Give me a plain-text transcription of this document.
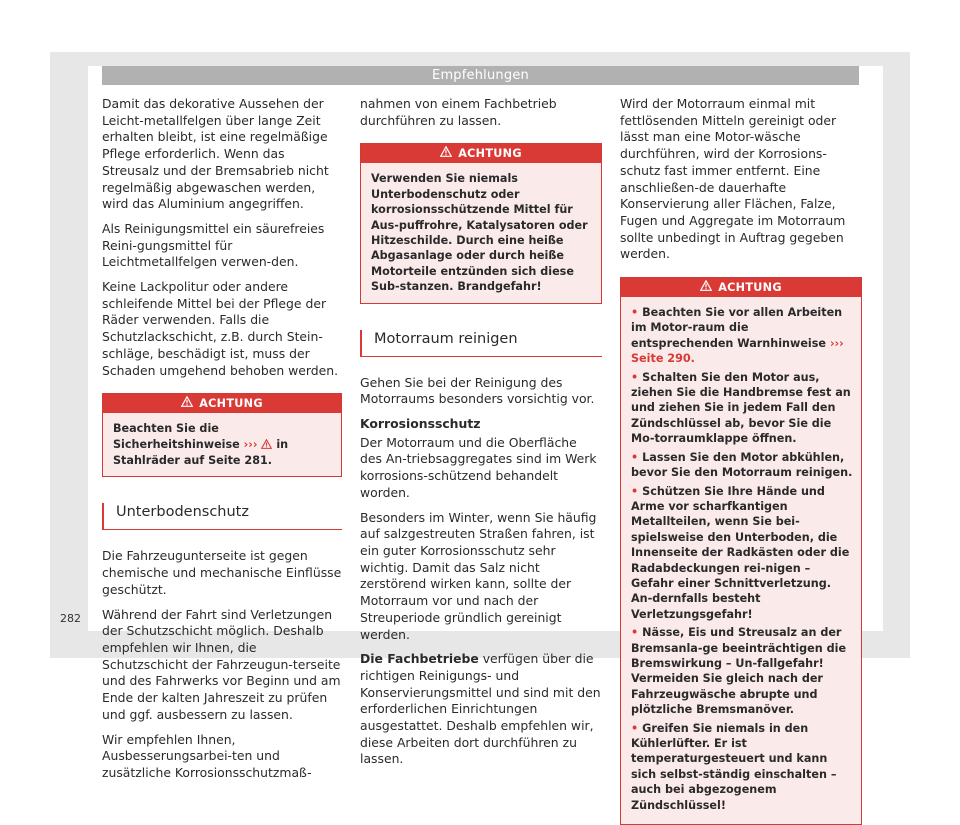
Empfehlungen

Damit das dekorative Aussehen der Leicht-metallfelgen über lange Zeit erhalten bleibt, ist eine regelmäßige Pflege erforderlich. Wenn das Streusalz und der Bremsabrieb nicht regelmäßig abgewaschen werden, wird das Aluminium angegriffen.

Als Reinigungsmittel ein säurefreies Reini-gungsmittel für Leichtmetallfelgen verwen-den.

Keine Lackpolitur oder andere schleifende Mittel bei der Pflege der Räder verwenden. Falls die Schutzlackschicht, z.B. durch Stein-schläge, beschädigt ist, muss der Schaden umgehend behoben werden.

ACHTUNG
Beachten Sie die Sicherheitshinweise ››› in Stahlräder auf Seite 281.
Unterbodenschutz

Die Fahrzeugunterseite ist gegen chemische und mechanische Einflüsse geschützt.

Während der Fahrt sind Verletzungen der Schutzschicht möglich. Deshalb empfehlen wir Ihnen, die Schutzschicht der Fahrzeugun-terseite und des Fahrwerks vor Beginn und am Ende der kalten Jahreszeit zu prüfen und ggf. ausbessern zu lassen.

Wir empfehlen Ihnen, Ausbesserungsarbei-ten und zusätzliche Korrosionsschutzmaß-

nahmen von einem Fachbetrieb durchführen zu lassen.

ACHTUNG
Verwenden Sie niemals Unterbodenschutz oder korrosionsschützende Mittel für Aus-puffrohre, Katalysatoren oder Hitzeschilde. Durch eine heiße Abgasanlage oder durch heiße Motorteile entzünden sich diese Sub-stanzen. Brandgefahr!
Motorraum reinigen

Gehen Sie bei der Reinigung des Motorraums besonders vorsichtig vor.

Korrosionsschutz

Der Motorraum und die Oberfläche des An-triebsaggregates sind im Werk korrosions-schützend behandelt worden.

Besonders im Winter, wenn Sie häufig auf salzgestreuten Straßen fahren, ist ein guter Korrosionsschutz sehr wichtig. Damit das Salz nicht zerstörend wirken kann, sollte der Motorraum vor und nach der Streuperiode gründlich gereinigt werden.

Die Fachbetriebe verfügen über die richtigen Reinigungs- und Konservierungsmittel und sind mit den erforderlichen Einrichtungen ausgestattet. Deshalb empfehlen wir, diese Arbeiten dort durchführen zu lassen.

Wird der Motorraum einmal mit fettlösenden Mitteln gereinigt oder lässt man eine Motor-wäsche durchführen, wird der Korrosions-schutz fast immer entfernt. Eine anschließen-de dauerhafte Konservierung aller Flächen, Falze, Fugen und Aggregate im Motorraum sollte unbedingt in Auftrag gegeben werden.

ACHTUNG
• Beachten Sie vor allen Arbeiten im Motor-raum die entsprechenden Warnhinweise ››› Seite 290.
• Schalten Sie den Motor aus, ziehen Sie die Handbremse fest an und ziehen Sie in jedem Fall den Zündschlüssel ab, bevor Sie die Mo-torraumklappe öffnen.
• Lassen Sie den Motor abkühlen, bevor Sie den Motorraum reinigen.
• Schützen Sie Ihre Hände und Arme vor scharfkantigen Metallteilen, wenn Sie bei-spielsweise den Unterboden, die Innenseite der Radkästen oder die Radabdeckungen rei-nigen – Gefahr einer Schnittverletzung. An-dernfalls besteht Verletzungsgefahr!
• Nässe, Eis und Streusalz an der Bremsanla-ge beeinträchtigen die Bremswirkung – Un-fallgefahr! Vermeiden Sie gleich nach der Fahrzeugwäsche abrupte und plötzliche Bremsmanöver.
• Greifen Sie niemals in den Kühlerlüfter. Er ist temperaturgesteuert und kann sich selbst-ständig einschalten – auch bei abgezogenem Zündschlüssel!
282
